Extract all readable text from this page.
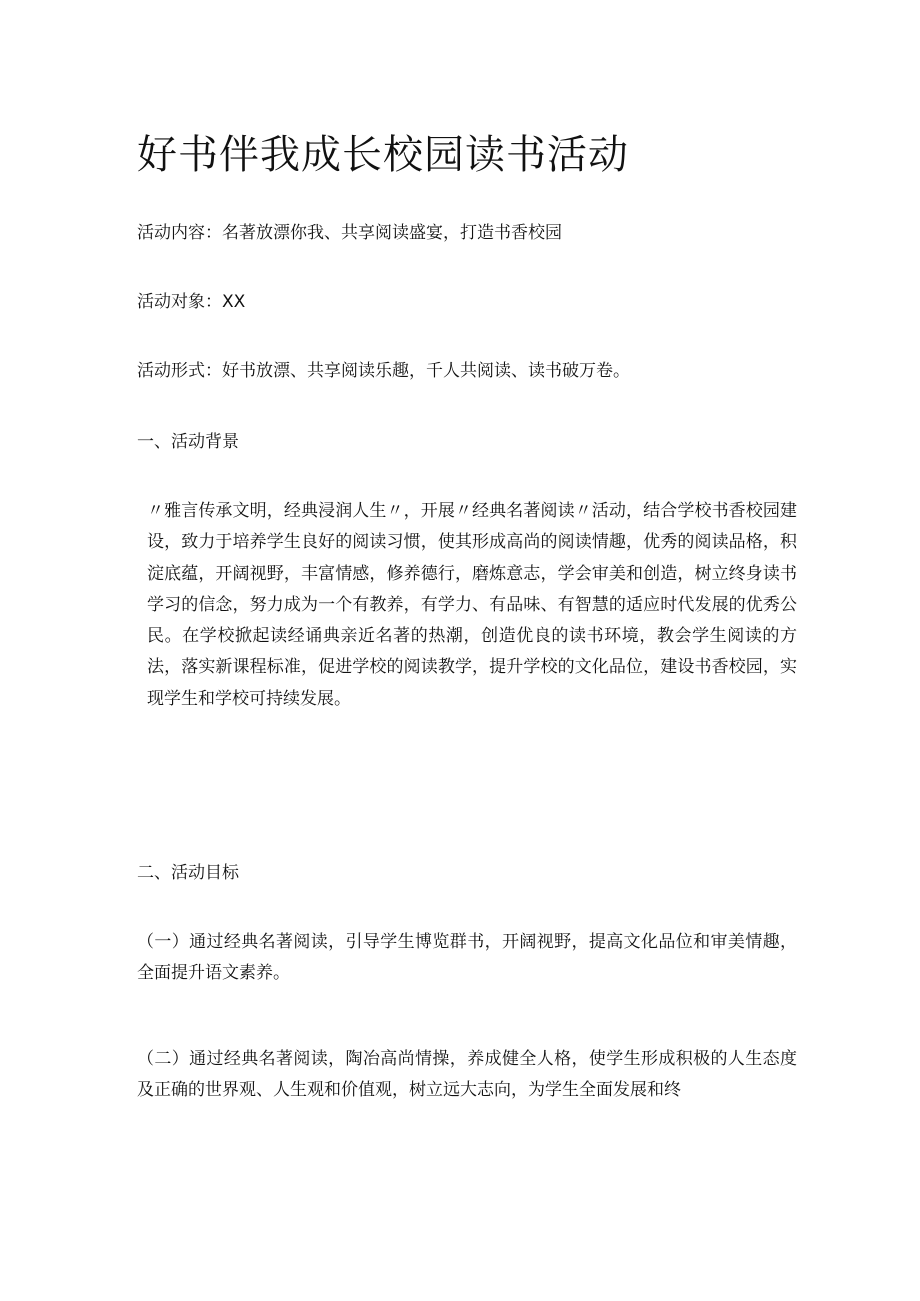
好书伴我成长校园读书活动

活动内容：名著放漂你我、共享阅读盛宴，打造书香校园

活动对象：XX

活动形式：好书放漂、共享阅读乐趣，千人共阅读、读书破万卷。

一、活动背景

〃雅言传承文明，经典浸润人生〃，开展〃经典名著阅读〃活动，结合学校书香校园建设，致力于培养学生良好的阅读习惯，使其形成高尚的阅读情趣，优秀的阅读品格，积淀底蕴，开阔视野，丰富情感，修养德行，磨炼意志，学会审美和创造，树立终身读书学习的信念，努力成为一个有教养，有学力、有品味、有智慧的适应时代发展的优秀公民。在学校掀起读经诵典亲近名著的热潮，创造优良的读书环境，教会学生阅读的方法，落实新课程标准，促进学校的阅读教学，提升学校的文化品位，建设书香校园，实现学生和学校可持续发展。

二、活动目标

（一）通过经典名著阅读，引导学生博览群书，开阔视野，提高文化品位和审美情趣，全面提升语文素养。

（二）通过经典名著阅读，陶冶高尚情操，养成健全人格，使学生形成积极的人生态度及正确的世界观、人生观和价值观，树立远大志向，为学生全面发展和终
